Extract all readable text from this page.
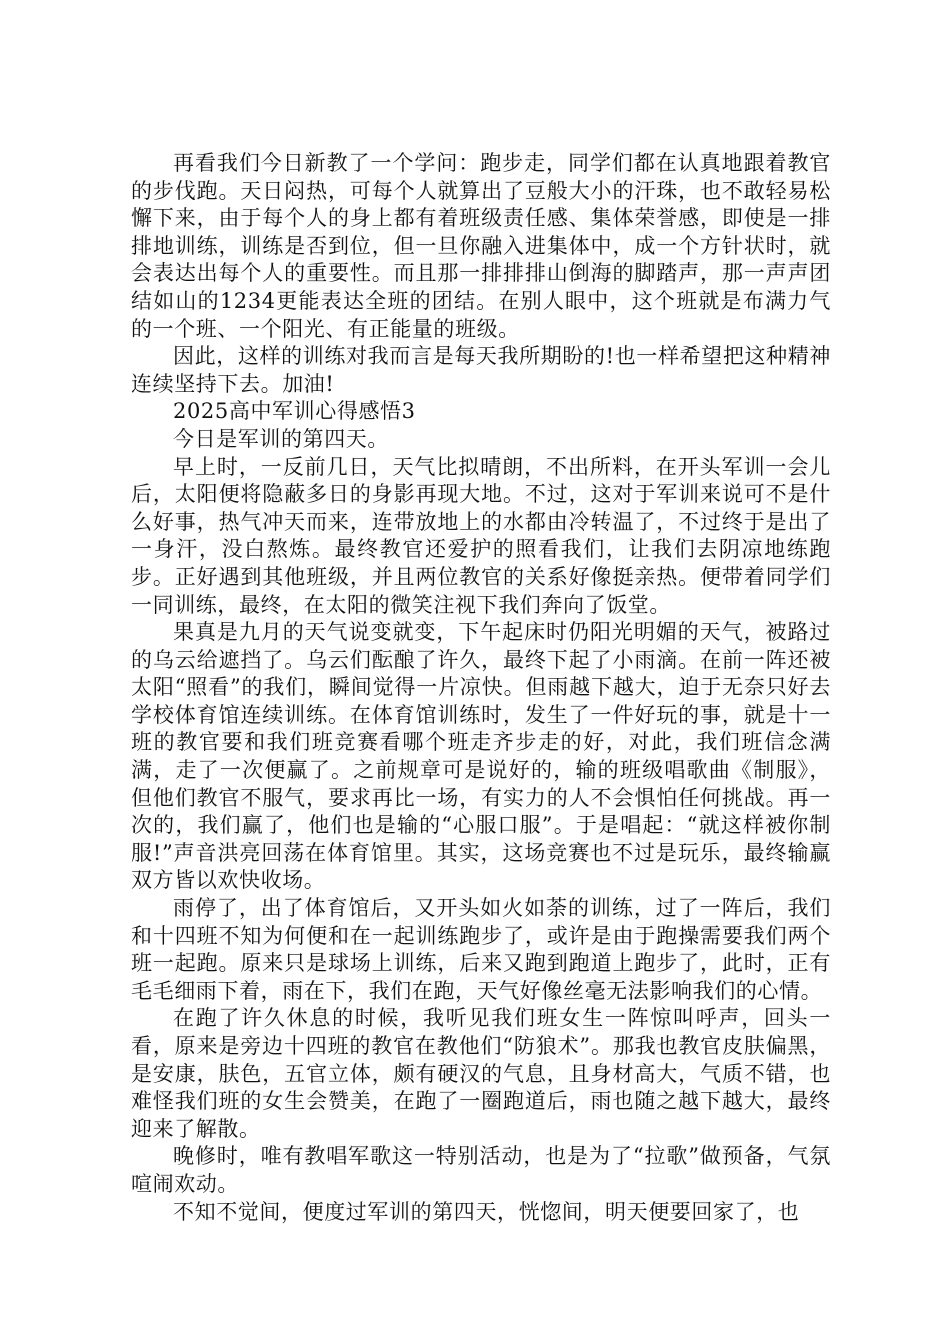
再看我们今日新教了一个学问：跑步走，同学们都在认真地跟着教官的步伐跑。天日闷热，可每个人就算出了豆般大小的汗珠，也不敢轻易松懈下来，由于每个人的身上都有着班级责任感、集体荣誉感，即使是一排排地训练，训练是否到位，但一旦你融入进集体中，成一个方针状时，就会表达出每个人的重要性。而且那一排排排山倒海的脚踏声，那一声声团结如山的1234更能表达全班的团结。在别人眼中，这个班就是布满力气的一个班、一个阳光、有正能量的班级。

因此，这样的训练对我而言是每天我所期盼的!也一样希望把这种精神连续坚持下去。加油!

2025高中军训心得感悟3

今日是军训的第四天。

早上时，一反前几日，天气比拟晴朗，不出所料，在开头军训一会儿后，太阳便将隐蔽多日的身影再现大地。不过，这对于军训来说可不是什么好事，热气冲天而来，连带放地上的水都由冷转温了，不过终于是出了一身汗，没白熬炼。最终教官还爱护的照看我们，让我们去阴凉地练跑步。正好遇到其他班级，并且两位教官的关系好像挺亲热。便带着同学们一同训练，最终，在太阳的微笑注视下我们奔向了饭堂。

果真是九月的天气说变就变，下午起床时仍阳光明媚的天气，被路过的乌云给遮挡了。乌云们酝酿了许久，最终下起了小雨滴。在前一阵还被太阳“照看”的我们，瞬间觉得一片凉快。但雨越下越大，迫于无奈只好去学校体育馆连续训练。在体育馆训练时，发生了一件好玩的事，就是十一班的教官要和我们班竞赛看哪个班走齐步走的好，对此，我们班信念满满，走了一次便赢了。之前规章可是说好的，输的班级唱歌曲《制服》，但他们教官不服气，要求再比一场，有实力的人不会惧怕任何挑战。再一次的，我们赢了，他们也是输的“心服口服”。于是唱起：“就这样被你制服!”声音洪亮回荡在体育馆里。其实，这场竞赛也不过是玩乐，最终输赢双方皆以欢快收场。

雨停了，出了体育馆后，又开头如火如荼的训练，过了一阵后，我们和十四班不知为何便和在一起训练跑步了，或许是由于跑操需要我们两个班一起跑。原来只是球场上训练，后来又跑到跑道上跑步了，此时，正有毛毛细雨下着，雨在下，我们在跑，天气好像丝毫无法影响我们的心情。

在跑了许久休息的时候，我听见我们班女生一阵惊叫呼声，回头一看，原来是旁边十四班的教官在教他们“防狼术”。那我也教官皮肤偏黑，是安康，肤色，五官立体，颇有硬汉的气息，且身材高大，气质不错，也难怪我们班的女生会赞美，在跑了一圈跑道后，雨也随之越下越大，最终迎来了解散。

晚修时，唯有教唱军歌这一特别活动，也是为了“拉歌”做预备，气氛喧闹欢动。

不知不觉间，便度过军训的第四天，恍惚间，明天便要回家了，也
